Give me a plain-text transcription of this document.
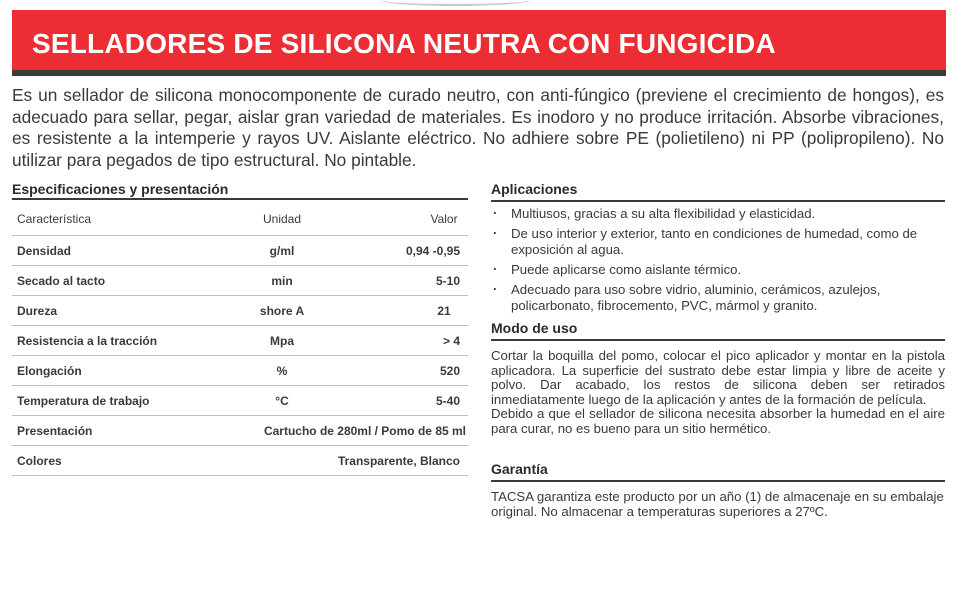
SELLADORES DE SILICONA NEUTRA CON FUNGICIDA

Es un sellador de silicona monocomponente de curado neutro, con anti-fúngico (previene el crecimiento de hongos), es adecuado para sellar, pegar, aislar gran variedad de materiales. Es inodoro y no produce irritación. Absorbe vibraciones, es resistente a la intemperie y rayos UV. Aislante eléctrico. No adhiere sobre PE (polietileno) ni PP (polipropileno). No utilizar para pegados de tipo estructural. No pintable.

Especificaciones y presentación
Característica	Unidad	Valor
Densidad	g/ml	0,94 -0,95
Secado al tacto	min	5-10
Dureza	shore A	21
Resistencia a la tracción	Mpa	> 4
Elongación	%	520
Temperatura de trabajo	°C	5-40
Presentación	Cartucho de 280ml / Pomo de 85 ml
Colores	Transparente, Blanco
Aplicaciones
. Multiusos, gracias a su alta flexibilidad y elasticidad.
. De uso interior y exterior, tanto en condiciones de humedad, como de exposición al agua.
. Puede aplicarse como aislante térmico.
. Adecuado para uso sobre vidrio, aluminio, cerámicos, azulejos, policarbonato, fibrocemento, PVC, mármol y granito.
Modo de uso

Cortar la boquilla del pomo, colocar el pico aplicador y montar en la pistola aplicadora. La superficie del sustrato debe estar limpia y libre de aceite y polvo. Dar acabado, los restos de silicona deben ser retirados inmediatamente luego de la aplicación y antes de la formación de película.

Debido a que el sellador de silicona necesita absorber la humedad en el aire para curar, no es bueno para un sitio hermético.

Garantía

TACSA garantiza este producto por un año (1) de almacenaje en su embalaje original. No almacenar a temperaturas superiores a 27ºC.
